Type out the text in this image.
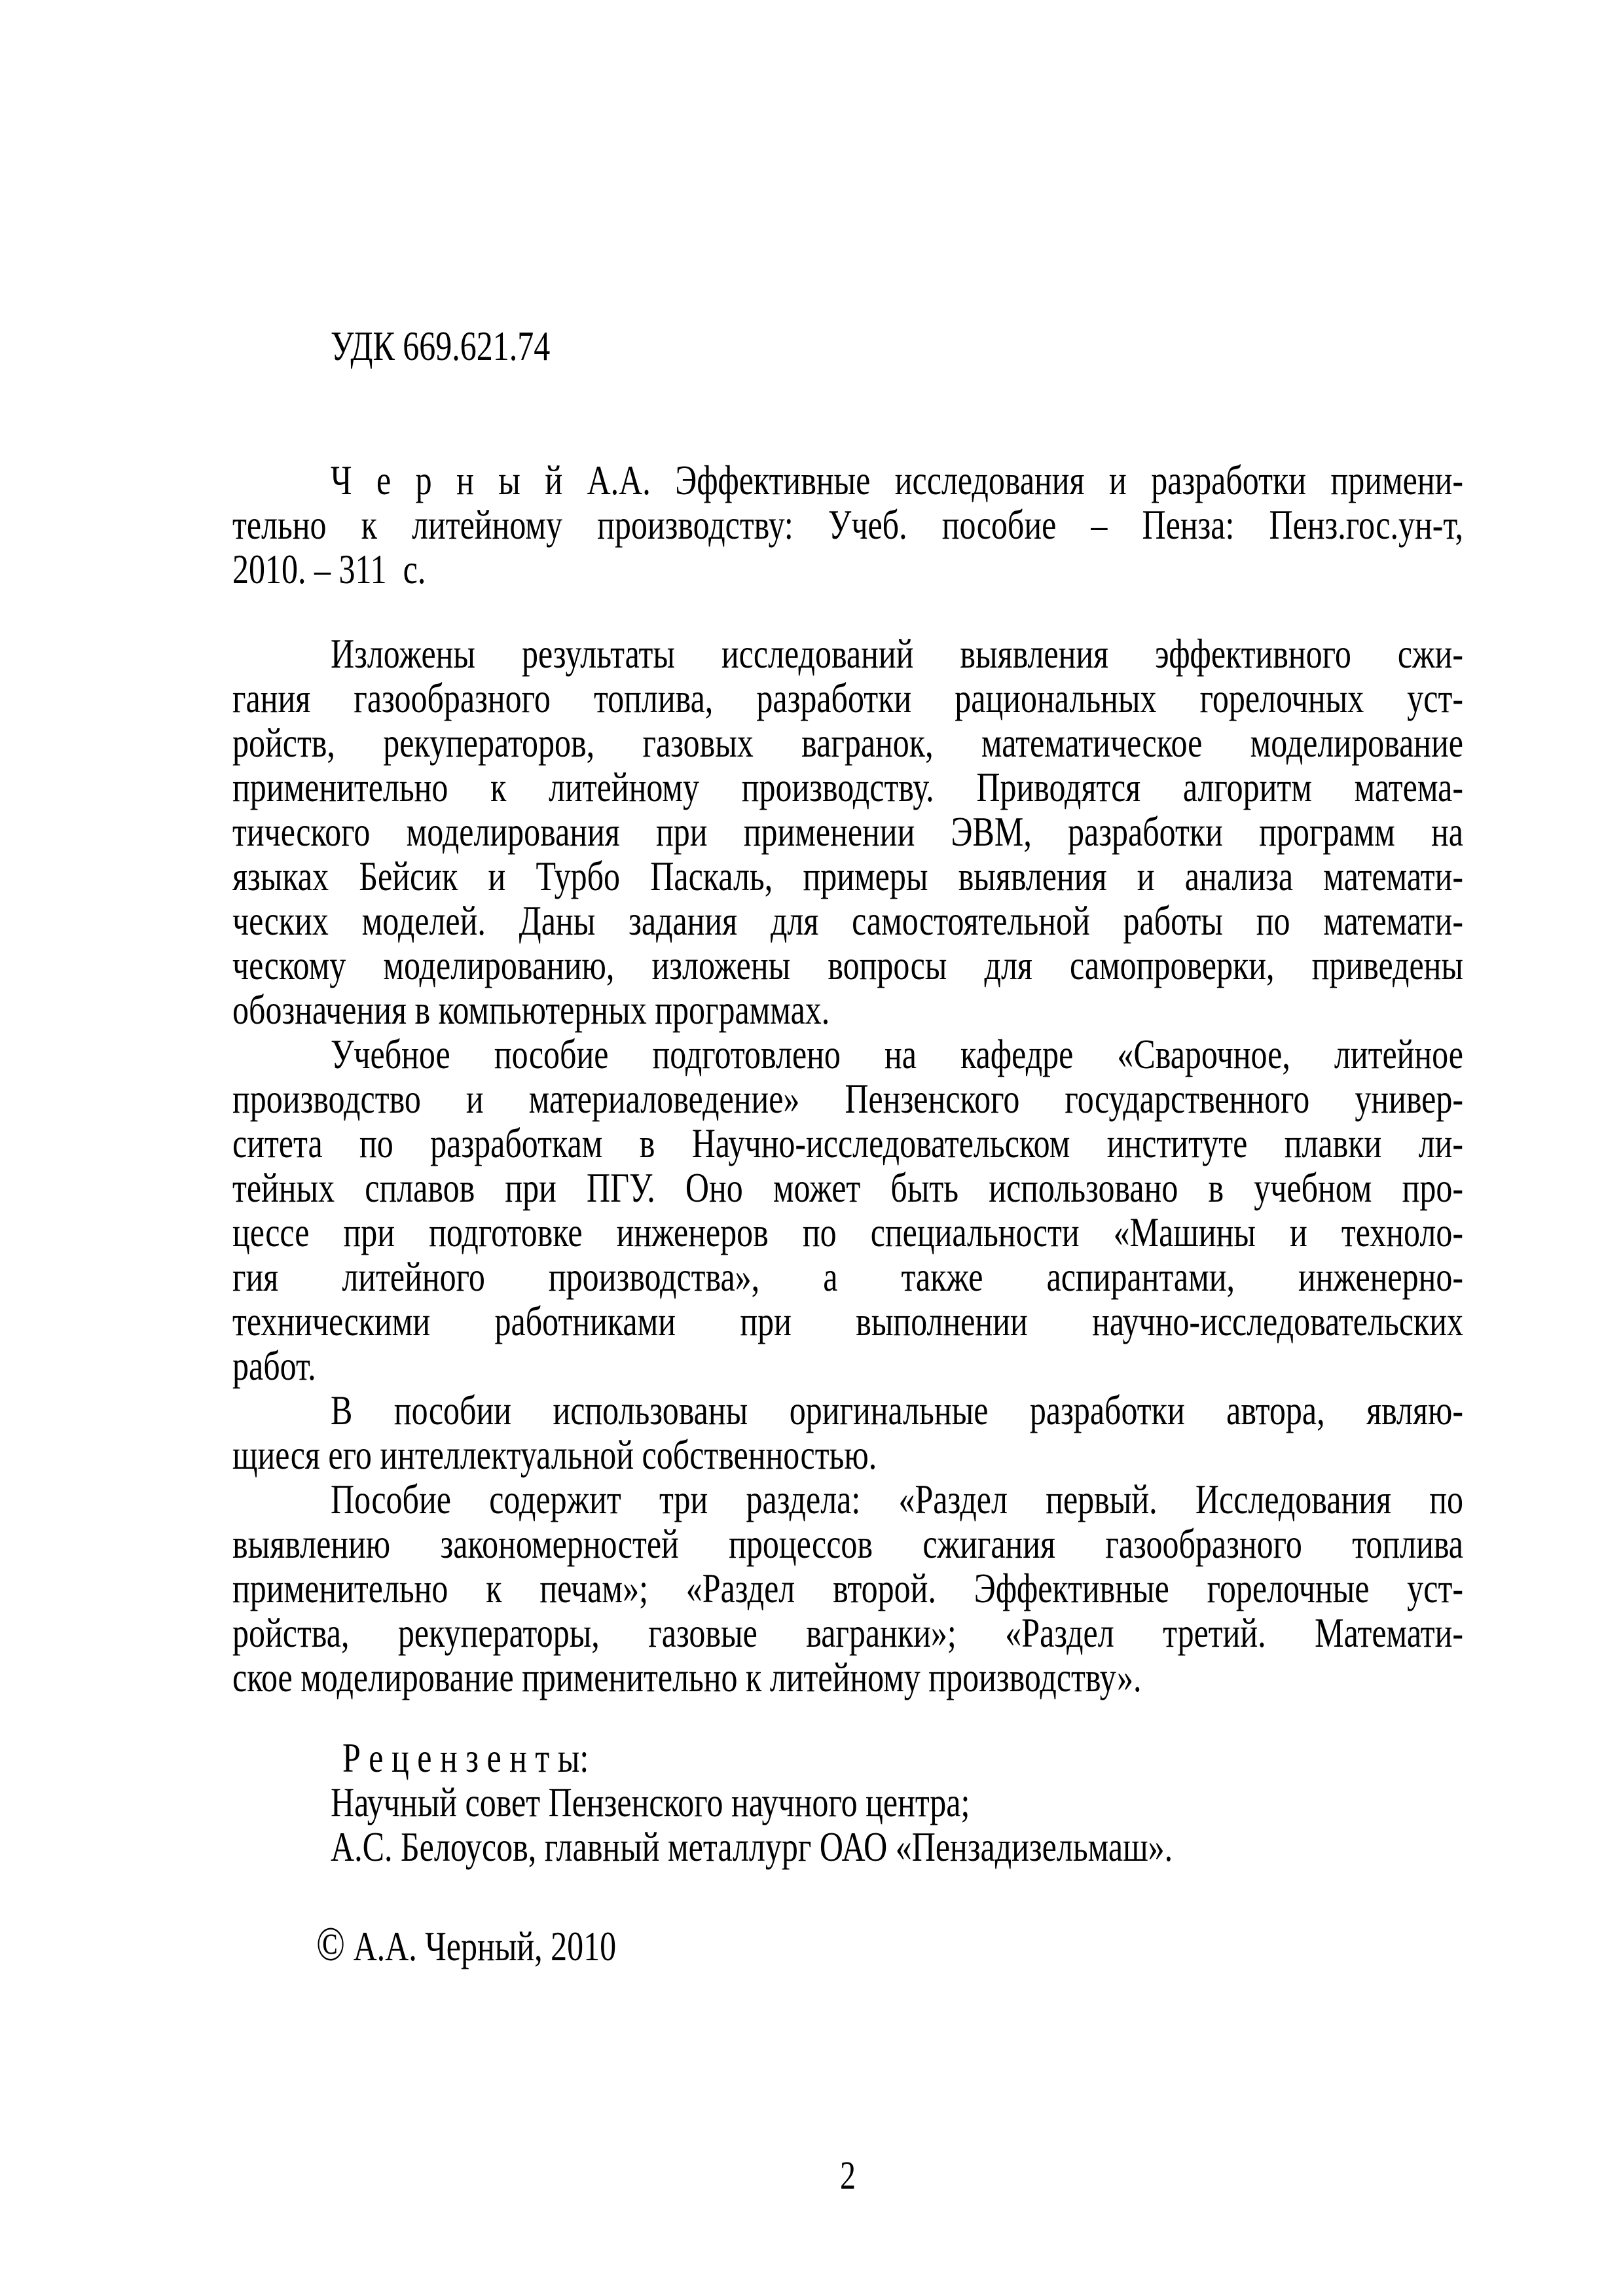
УДК 669.621.74
Ч е р н ы й А.А. Эффективные исследования и разработки примени-
тельно к литейному производству: Учеб. пособие – Пенза: Пенз.гос.ун-т,
2010. – 311  с.
Изложены результаты исследований выявления эффективного сжи-
гания газообразного топлива, разработки рациональных горелочных уст-
ройств, рекуператоров, газовых вагранок, математическое моделирование
применительно к литейному производству. Приводятся алгоритм матема-
тического моделирования при применении ЭВМ, разработки программ на
языках Бейсик и Турбо Паскаль, примеры выявления и анализа математи-
ческих моделей. Даны задания для самостоятельной работы по математи-
ческому моделированию, изложены вопросы для самопроверки, приведены
обозначения в компьютерных программах.
Учебное пособие подготовлено на кафедре «Сварочное, литейное
производство и материаловедение» Пензенского государственного универ-
ситета по разработкам в Научно-исследовательском институте плавки ли-
тейных сплавов при ПГУ. Оно может быть использовано в учебном про-
цессе при подготовке инженеров по специальности «Машины и техноло-
гия литейного производства», а также аспирантами, инженерно-
техническими работниками при выполнении научно-исследовательских
работ.
В пособии использованы оригинальные разработки автора, являю-
щиеся его интеллектуальной собственностью.
Пособие содержит три раздела: «Раздел первый. Исследования по
выявлению закономерностей процессов сжигания газообразного топлива
применительно к печам»; «Раздел второй. Эффективные горелочные уст-
ройства, рекуператоры, газовые вагранки»; «Раздел третий. Математи-
ское моделирование применительно к литейному производству».
Р е ц е н з е н т ы:
Научный совет Пензенского научного центра;
А.С. Белоусов, главный металлург ОАО «Пензадизельмаш».
© А.А. Черный, 2010
2
